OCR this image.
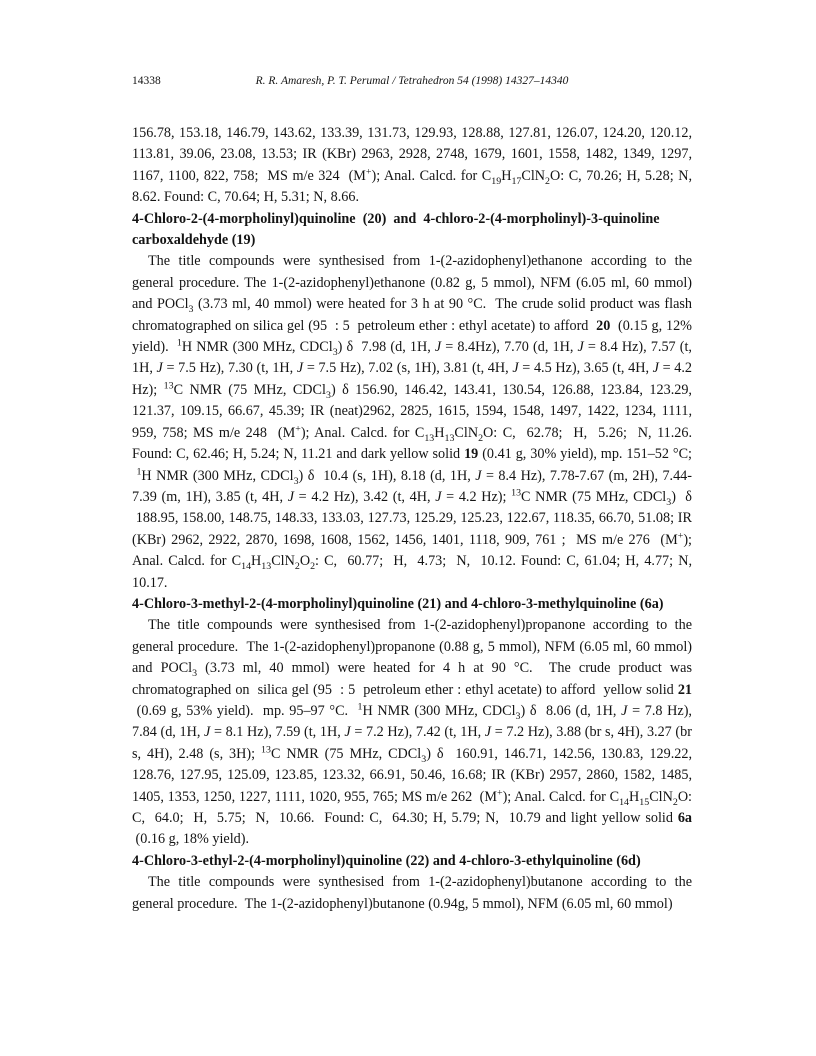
14338	R. R. Amaresh, P. T. Perumal / Tetrahedron 54 (1998) 14327–14340

156.78, 153.18, 146.79, 143.62, 133.39, 131.73, 129.93, 128.88, 127.81, 126.07, 124.20, 120.12, 113.81, 39.06, 23.08, 13.53; IR (KBr) 2963, 2928, 2748, 1679, 1601, 1558, 1482, 1349, 1297, 1167, 1100, 822, 758;  MS m/e 324  (M+); Anal. Calcd. for $C_{19}H_{17}ClN_2O$: C, 70.26; H, 5.28; N, 8.62. Found: C, 70.64; H, 5.31; N, 8.66.

4-Chloro-2-(4-morpholinyl)quinoline  (20)  and  4-chloro-2-(4-morpholinyl)-3-quinoline carboxaldehyde (19)

The title compounds were synthesised from 1-(2-azidophenyl)ethanone according to the general procedure. The 1-(2-azidophenyl)ethanone (0.82 g, 5 mmol), NFM (6.05 ml, 60 mmol) and POCl$_3$ (3.73 ml, 40 mmol) were heated for 3 h at 90 °C.  The crude solid product was flash chromatographed on silica gel (95  : 5  petroleum ether : ethyl acetate) to afford  20  (0.15 g, 12% yield).  $^1$H NMR (300 MHz, CDCl$_3$) δ  7.98 (d, 1H, J = 8.4Hz), 7.70 (d, 1H, J = 8.4 Hz), 7.57 (t, 1H, J = 7.5 Hz), 7.30 (t, 1H, J = 7.5 Hz), 7.02 (s, 1H), 3.81 (t, 4H, J = 4.5 Hz), 3.65 (t, 4H, J = 4.2 Hz); $^{13}$C NMR (75 MHz, CDCl$_3$) δ 156.90, 146.42, 143.41, 130.54, 126.88, 123.84, 123.29, 121.37, 109.15, 66.67, 45.39; IR (neat)2962, 2825, 1615, 1594, 1548, 1497, 1422, 1234, 1111, 959, 758; MS m/e 248  (M+); Anal. Calcd. for $C_{13}H_{13}ClN_2O$: C,  62.78;  H,  5.26;  N, 11.26. Found: C, 62.46; H, 5.24; N, 11.21 and dark yellow solid 19 (0.41 g, 30% yield), mp. 151–52 °C;  $^1$H NMR (300 MHz, CDCl$_3$) δ  10.4 (s, 1H), 8.18 (d, 1H, J = 8.4 Hz), 7.78-7.67 (m, 2H), 7.44-7.39 (m, 1H), 3.85 (t, 4H, J = 4.2 Hz), 3.42 (t, 4H, J = 4.2 Hz); $^{13}$C NMR (75 MHz, CDCl$_3$)  δ  188.95, 158.00, 148.75, 148.33, 133.03, 127.73, 125.29, 125.23, 122.67, 118.35, 66.70, 51.08; IR (KBr) 2962, 2922, 2870, 1698, 1608, 1562, 1456, 1401, 1118, 909, 761 ;  MS m/e 276  (M+); Anal. Calcd. for $C_{14}H_{13}ClN_2O_2$: C,  60.77;  H,  4.73;  N,  10.12. Found: C, 61.04; H, 4.77; N, 10.17.

4-Chloro-3-methyl-2-(4-morpholinyl)quinoline (21) and 4-chloro-3-methylquinoline (6a)

The title compounds were synthesised from 1-(2-azidophenyl)propanone according to the general procedure.  The 1-(2-azidophenyl)propanone (0.88 g, 5 mmol), NFM (6.05 ml, 60 mmol) and POCl$_3$ (3.73 ml, 40 mmol) were heated for 4 h at 90 °C.  The crude product was chromatographed on  silica gel (95  : 5  petroleum ether : ethyl acetate) to afford  yellow solid 21  (0.69 g, 53% yield).  mp. 95–97 °C.  $^1$H NMR (300 MHz, CDCl$_3$) δ  8.06 (d, 1H, J = 7.8 Hz), 7.84 (d, 1H, J = 8.1 Hz), 7.59 (t, 1H, J = 7.2 Hz), 7.42 (t, 1H, J = 7.2 Hz), 3.88 (br s, 4H), 3.27 (br s, 4H), 2.48 (s, 3H); $^{13}$C NMR (75 MHz, CDCl$_3$) δ  160.91, 146.71, 142.56, 130.83, 129.22, 128.76, 127.95, 125.09, 123.85, 123.32, 66.91, 50.46, 16.68; IR (KBr) 2957, 2860, 1582, 1485, 1405, 1353, 1250, 1227, 1111, 1020, 955, 765; MS m/e 262  (M+); Anal. Calcd. for $C_{14}H_{15}ClN_2O$: C,  64.0;  H,  5.75;  N,  10.66.  Found: C,  64.30; H, 5.79; N,  10.79 and light yellow solid 6a  (0.16 g, 18% yield).

4-Chloro-3-ethyl-2-(4-morpholinyl)quinoline (22) and 4-chloro-3-ethylquinoline (6d)

The title compounds were synthesised from 1-(2-azidophenyl)butanone according to the general procedure.  The 1-(2-azidophenyl)butanone (0.94g, 5 mmol), NFM (6.05 ml, 60 mmol)
